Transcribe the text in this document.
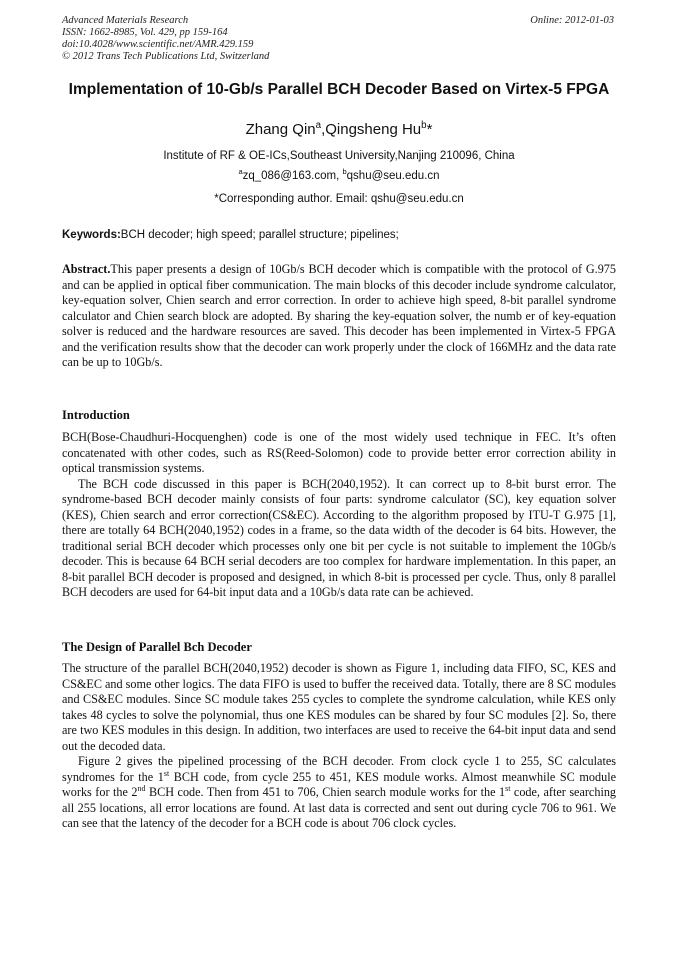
Advanced Materials Research
ISSN: 1662-8985, Vol. 429, pp 159-164
doi:10.4028/www.scientific.net/AMR.429.159
© 2012 Trans Tech Publications Ltd, Switzerland
Online: 2012-01-03
Implementation of 10-Gb/s Parallel BCH Decoder Based on Virtex-5 FPGA
Zhang Qin$^a$,Qingsheng Hu$^b$*
Institute of RF & OE-ICs,Southeast University,Nanjing 210096, China
$^a$zq_086@163.com, $^b$qshu@seu.edu.cn
*Corresponding author. Email: qshu@seu.edu.cn
Keywords:BCH decoder; high speed; parallel structure; pipelines;

Abstract.This paper presents a design of 10Gb/s BCH decoder which is compatible with the protocol of G.975 and can be applied in optical fiber communication. The main blocks of this decoder include syndrome calculator, key-equation solver, Chien search and error correction. In order to achieve high speed, 8-bit parallel syndrome calculator and Chien search block are adopted. By sharing the key-equation solver, the numb er of key-equation solver is reduced and the hardware resources are saved. This decoder has been implemented in Virtex-5 FPGA and the verification results show that the decoder can work properly under the clock of 166MHz and the data rate can be up to 10Gb/s.

Introduction

BCH(Bose-Chaudhuri-Hocquenghen) code is one of the most widely used technique in FEC. It’s often concatenated with other codes, such as RS(Reed-Solomon) code to provide better error correction ability in optical transmission systems.

The BCH code discussed in this paper is BCH(2040,1952). It can correct up to 8-bit burst error. The syndrome-based BCH decoder mainly consists of four parts: syndrome calculator (SC), key equation solver (KES), Chien search and error correction(CS&EC). According to the algorithm proposed by ITU-T G.975 [1], there are totally 64 BCH(2040,1952) codes in a frame, so the data width of the decoder is 64 bits. However, the traditional serial BCH decoder which processes only one bit per cycle is not suitable to implement the 10Gb/s decoder. This is because 64 BCH serial decoders are too complex for hardware implementation. In this paper, an 8-bit parallel BCH decoder is proposed and designed, in which 8-bit is processed per cycle. Thus, only 8 parallel BCH decoders are used for 64-bit input data and a 10Gb/s data rate can be achieved.

The Design of Parallel Bch Decoder

The structure of the parallel BCH(2040,1952) decoder is shown as Figure 1, including data FIFO, SC, KES and CS&EC and some other logics. The data FIFO is used to buffer the received data. Totally, there are 8 SC modules and CS&EC modules. Since SC module takes 255 cycles to complete the syndrome calculation, while KES only takes 48 cycles to solve the polynomial, thus one KES modules can be shared by four SC modules [2]. So, there are two KES modules in this design. In addition, two interfaces are used to receive the 64-bit input data and send out the decoded data.

Figure 2 gives the pipelined processing of the BCH decoder. From clock cycle 1 to 255, SC calculates syndromes for the 1st BCH code, from cycle 255 to 451, KES module works. Almost meanwhile SC module works for the 2nd BCH code. Then from 451 to 706, Chien search module works for the 1st code, after searching all 255 locations, all error locations are found. At last data is corrected and sent out during cycle 706 to 961. We can see that the latency of the decoder for a BCH code is about 706 clock cycles.
